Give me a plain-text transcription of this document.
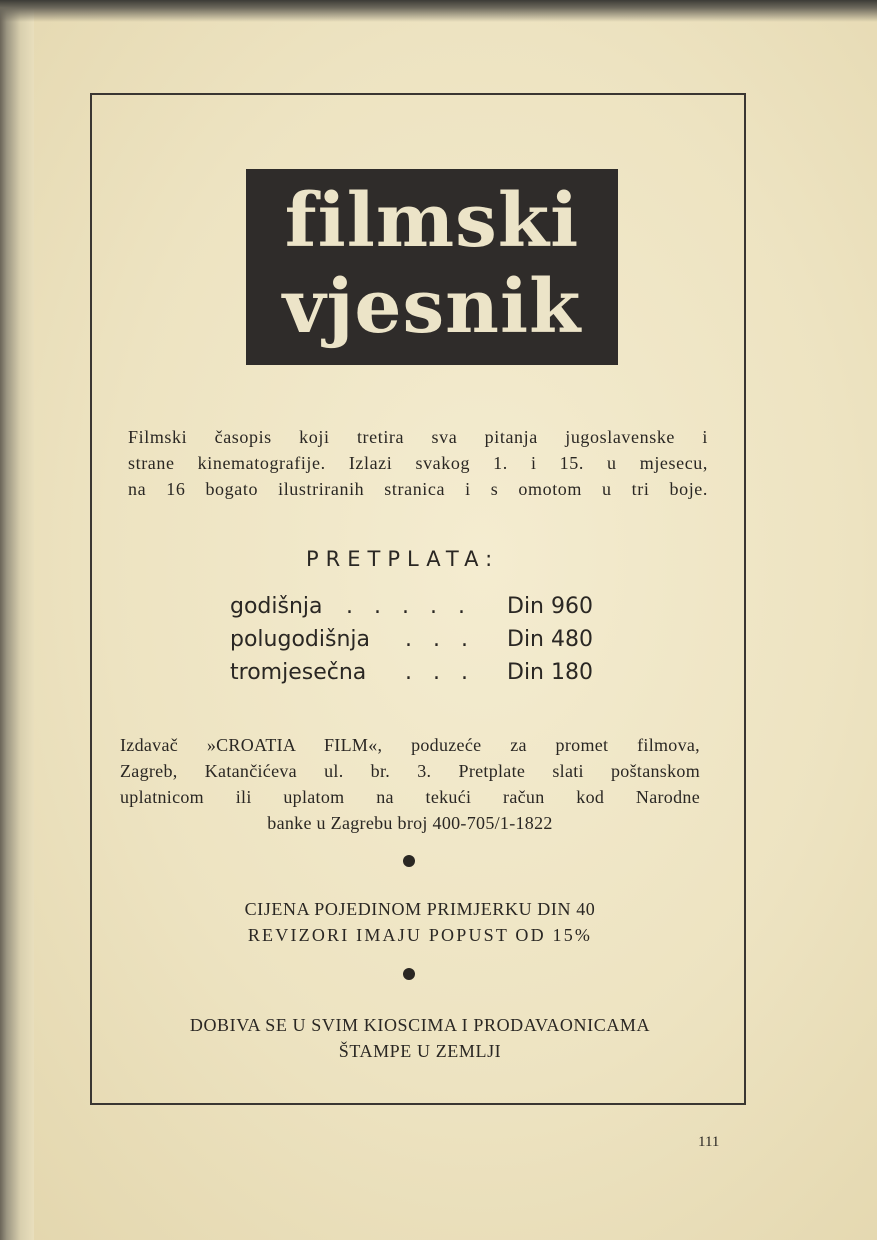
filmski
vjesnik
Filmski časopis koji tretira sva pitanja jugoslavenske i
strane kinematografije. Izlazi svakog 1. i 15. u mjesecu,
na 16 bogato ilustriranih stranica i s omotom u tri boje.
PRETPLATA:
godišnja . . . . . Din 960
polugodišnja . . . Din 480
tromjesečna . . . Din 180
Izdavač »CROATIA FILM«, poduzeće za promet filmova,
Zagreb, Katančićeva ul. br. 3. Pretplate slati poštanskom
uplatnicom ili uplatom na tekući račun kod Narodne
banke u Zagrebu broj 400-705/1-1822
CIJENA POJEDINOM PRIMJERKU DIN 40
REVIZORI IMAJU POPUST OD 15%
DOBIVA SE U SVIM KIOSCIMA I PRODAVAONICAMA
ŠTAMPE U ZEMLJI
111
